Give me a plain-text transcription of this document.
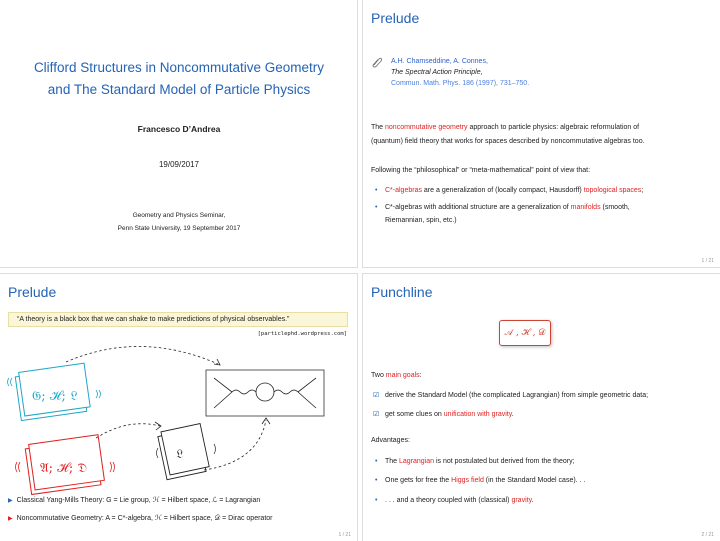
Clifford Structures in Noncommutative Geometry
and The Standard Model of Particle Physics
Francesco D’Andrea
19/09/2017
Geometry and Physics Seminar,
Penn State University, 19 September 2017
Prelude
A.H. Chamseddine, A. Connes,
The Spectral Action Principle,
Commun. Math. Phys. 186 (1997), 731–750.
The noncommutative geometry approach to particle physics: algebraic reformulation of
(quantum) field theory that works for spaces described by noncommutative algebras too.
Following the “philosophical” or “meta-mathematical” point of view that:
• C*-algebras are a generalization of (locally compact, Hausdorff) topological spaces;
• C*-algebras with additional structure are a generalization of manifolds (smooth,
Riemannian, spin, etc.)
1 / 21
Prelude
“A theory is a black box that we can shake to make predictions of physical observables.”
[particlephd.wordpress.com]
𝔊; ℋ; 𝔏
𝔄; ℋ; 𝔇
𝔏
▶ Classical Yang-Mills Theory: G = Lie group, ℋ = Hilbert space, ℒ = Lagrangian
▶ Noncommutative Geometry: A = C*-algebra, ℋ = Hilbert space, 𝒟 = Dirac operator
1 / 21
Punchline
𝒜 , ℋ , 𝒟
Two main goals:
☑ derive the Standard Model (the complicated Lagrangian) from simple geometric data;
☑ get some clues on unification with gravity.
Advantages:
• The Lagrangian is not postulated but derived from the theory;
• One gets for free the Higgs field (in the Standard Model case). . .
• . . . and a theory coupled with (classical) gravity.
2 / 21
